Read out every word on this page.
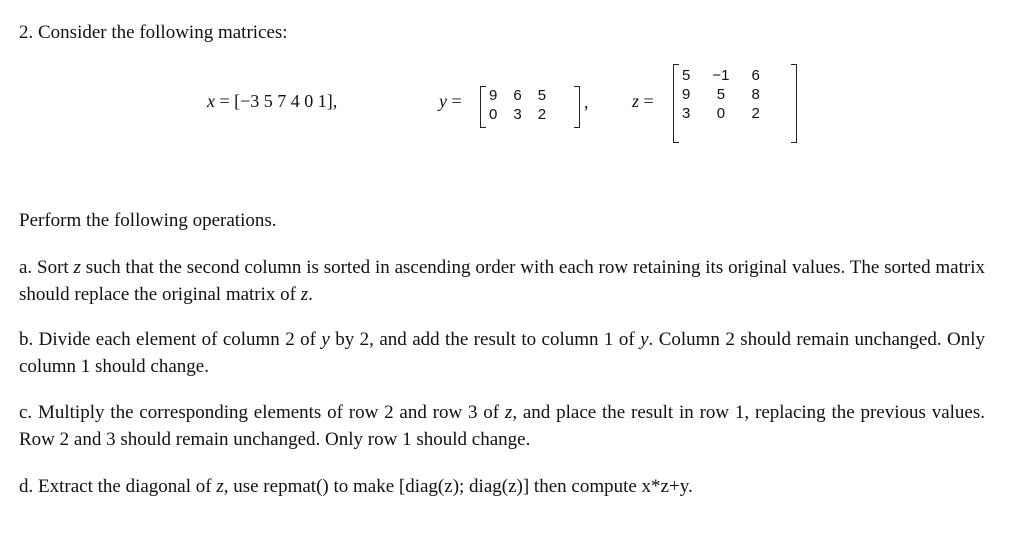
2. Consider the following matrices:
x = [−3 5 7 4 0 1],	y = 9	6	5
0	3	2
, z =
5	−1	6
9	5	8
3	0	2
Perform the following operations.
a. Sort z such that the second column is sorted in ascending order with each row retaining its original values. The sorted matrix should replace the original matrix of z.
b. Divide each element of column 2 of y by 2, and add the result to column 1 of y. Column 2 should remain unchanged. Only column 1 should change.
c. Multiply the corresponding elements of row 2 and row 3 of z, and place the result in row 1, replacing the previous values. Row 2 and 3 should remain unchanged. Only row 1 should change.
d. Extract the diagonal of z, use repmat() to make [diag(z); diag(z)] then compute x*z+y.
